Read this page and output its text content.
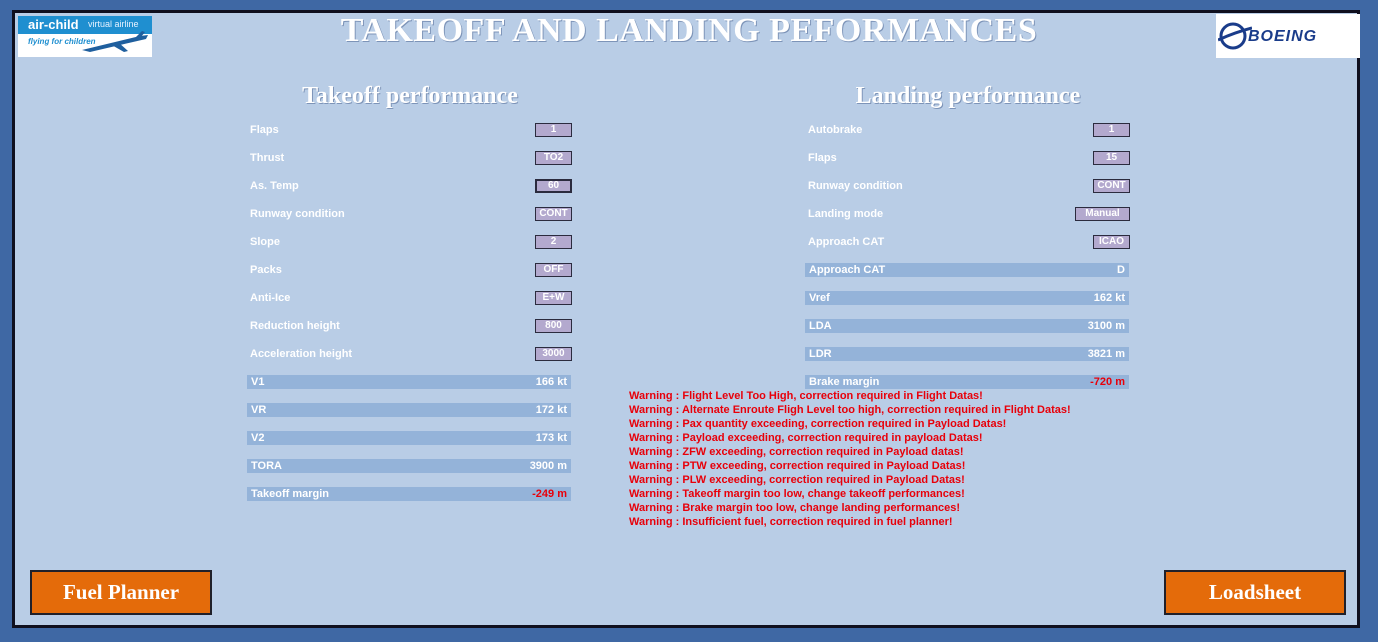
air-child virtual airline
flying for children	TAKEOFF AND LANDING PEFORMANCES	BOEING
Takeoff performance
Flaps	1
Thrust	TO2
As. Temp	60
Runway condition	CONT
Slope	2
Packs	OFF
Anti-Ice	E+W
Reduction height	800
Acceleration height	3000
V1	166 kt
VR	172 kt
V2	173 kt
TORA	3900 m
Takeoff margin	-249 m
Landing performance
Autobrake	1
Flaps	15
Runway condition	CONT
Landing mode	Manual
Approach CAT	ICAO
Approach CAT	D
Vref	162 kt
LDA	3100 m
LDR	3821 m
Brake margin	-720 m
Warning : Flight Level Too High, correction required in Flight Datas!
Warning : Alternate Enroute Fligh Level too high, correction required in Flight Datas!
Warning : Pax quantity exceeding, correction required in Payload Datas!
Warning : Payload exceeding, correction required in payload Datas!
Warning : ZFW exceeding, correction required in Payload datas!
Warning : PTW exceeding, correction required in Payload Datas!
Warning : PLW exceeding, correction required in Payload Datas!
Warning : Takeoff margin too low, change takeoff performances!
Warning : Brake margin too low, change landing performances!
Warning : Insufficient fuel, correction required in fuel planner!
Fuel Planner	Loadsheet
